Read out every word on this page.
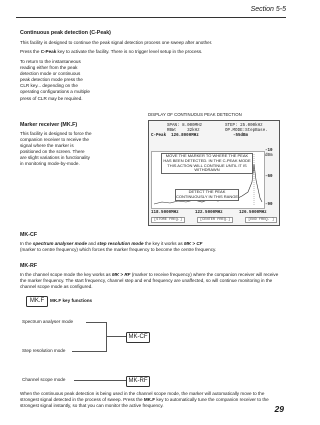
Section 5-5
Continuous peak detection (C-Peak)
This facility is designed to continue the peak signal detection process one sweep after another.
Press the C-Peak key to activate the facility. There is no trigger level setup in the process.
To return to the instantaneous
reading either from the peak
detection mode or continuous
peak detection mode press the
CLR key... depending on the
operating configurations a multiple
press of CLR may be required.
Marker receiver (MK.F)
This facility is designed to force the
companion receiver to receive the
signal where the marker is
positioned on the screen. There
are slight variations in functionality
in monitoring mode-by-mode.
DISPLAY OF CONTINUOUS PEAK DETECTION
SPAN: 8.000MHz	STEP: 25.000kHz
RBW:    32kHz	OP.MODE:StepBase.
C-Peak  126.8000MHz	-55dBm
-10
dBm
-60
-90
MOVE THE MARKER TO WHERE THE PEAK HAS BEEN DETECTED. IN THE C-PEAK MODE THIS ACTION WILL CONTINUE UNTIL IT IS WITHDRAWN
DETECT THE PEAK CONTINUOUSLY IN THIS RANGE
118.5000MHz	122.5000MHz	126.5000MHz
[STORE FREQ.]	[CENTER FREQ.]	[END FREQ. ]
MK-CF
In the spectrum analyser mode and step resolution mode the key it works as MK > CF
(marker to centre frequency) which forces the marker frequency to become the centre frequency.
MK-RF
In the channel scope mode the key works as MK > RF (marker to receive frequency) where the companion receiver will receive the marker frequency. The start frequency, channel step and end frequency are unaffected, so will continue monitoring in the channel scope mode as configured.
MK.F	MK.F key functions
Spectrum analyser mode
Step resolution mode
Channel scope mode
MK-CF
MK-RF
When the continuous peak detection is being used in the channel scope mode, the marker will automatically move to the strongest signal detected in the process of sweep. Press the MK.F key to automatically tune the companion receiver to the strongest signal instantly, so that you can monitor the active frequency.	29
